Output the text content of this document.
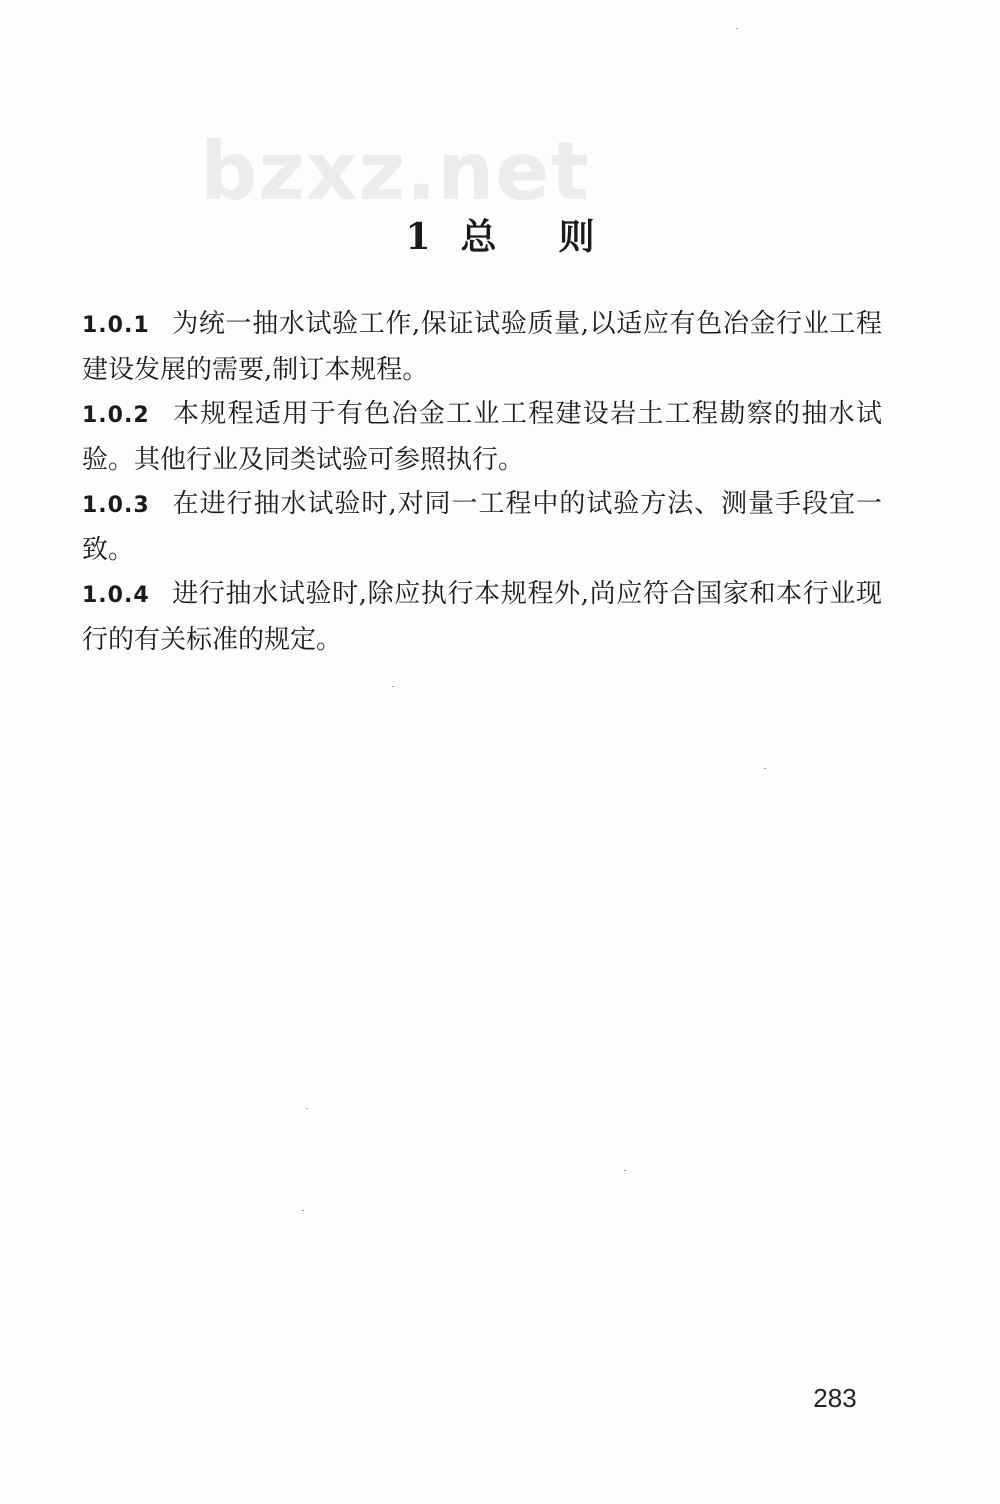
bzxz.net
1 总 则

1.0.1 为统一抽水试验工作,保证试验质量,以适应有色冶金行业工程建设发展的需要,制订本规程。

1.0.2 本规程适用于有色冶金工业工程建设岩土工程勘察的抽水试验。其他行业及同类试验可参照执行。

1.0.3 在进行抽水试验时,对同一工程中的试验方法、测量手段宜一致。

1.0.4 进行抽水试验时,除应执行本规程外,尚应符合国家和本行业现行的有关标准的规定。

283
